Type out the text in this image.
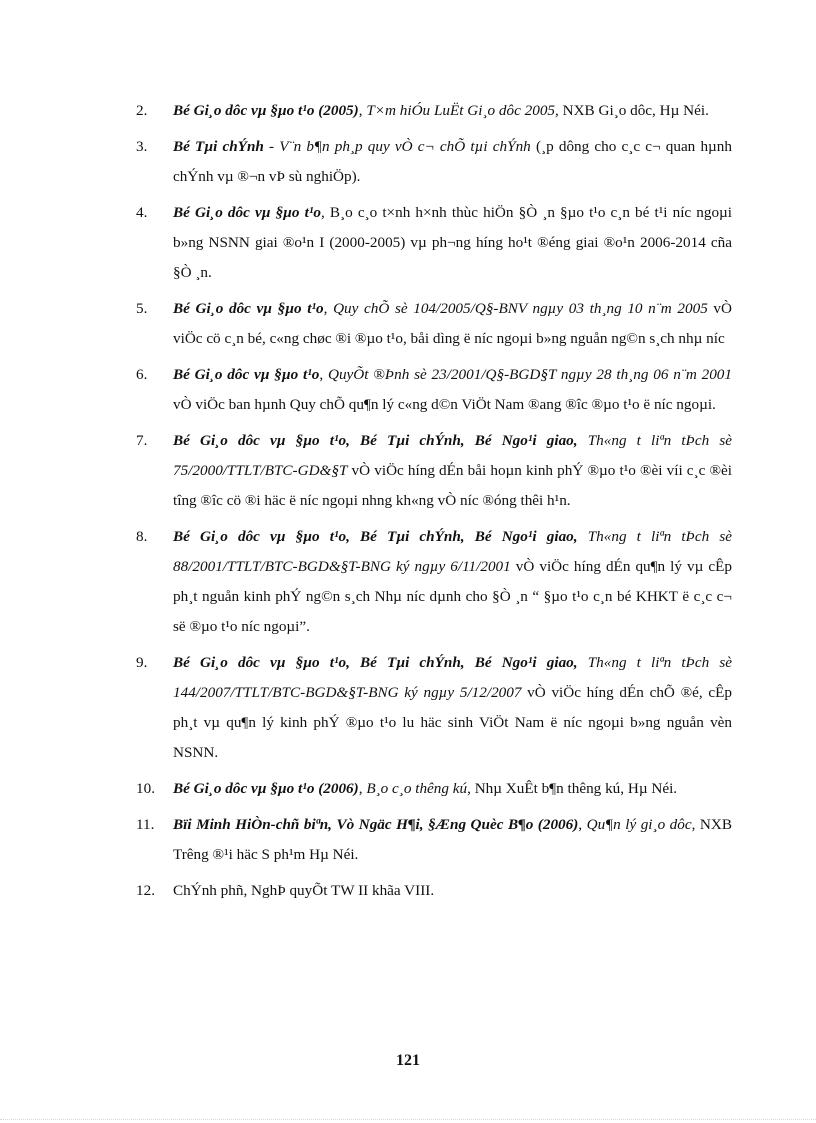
2.	Bé Gi¸o dôc vµ §µo t¹o (2005), T×m hiÓu LuËt Gi¸o dôc 2005, NXB Gi¸o dôc, Hµ Néi.
3.	Bé Tµi chÝnh - V¨n b¶n ph¸p quy vÒ c¬ chÕ tµi chÝnh (¸p dông cho c¸c c¬ quan hµnh chÝnh vµ ®¬n vÞ sù nghiÖp).
4.	Bé Gi¸o dôc vµ §µo t¹o, B¸o c¸o t×nh h×nh thùc hiÖn §Ò ¸n §µo t¹o c¸n bé t¹i níc ngoµi b»ng NSNN giai ®o¹n I (2000-2005) vµ ph¬ng híng ho¹t ®éng giai ®o¹n 2006-2014 cña §Ò ¸n.
5.	Bé Gi¸o dôc vµ §µo t¹o, Quy chÕ sè 104/2005/Q§-BNV ngµy 03 th¸ng 10 n¨m 2005 vÒ viÖc cö c¸n bé, c«ng chøc ®i ®µo t¹o, båi dìng ë níc ngoµi b»ng nguån ng©n s¸ch nhµ níc
6.	Bé Gi¸o dôc vµ §µo t¹o, QuyÕt ®Þnh sè 23/2001/Q§-BGD§T ngµy 28 th¸ng 06 n¨m 2001 vÒ viÖc ban hµnh Quy chÕ qu¶n lý c«ng d©n ViÖt Nam ®ang ®îc ®µo t¹o ë níc ngoµi.
7.	Bé Gi¸o dôc vµ §µo t¹o, Bé Tµi chÝnh, Bé Ngo¹i giao, Th«ng t liªn tÞch sè 75/2000/TTLT/BTC-GD&§T vÒ viÖc híng dÉn båi hoµn kinh phÝ ®µo t¹o ®èi víi c¸c ®èi tîng ®îc cö ®i häc ë níc ngoµi nhng kh«ng vÒ níc ®óng thêi h¹n.
8.	Bé Gi¸o dôc vµ §µo t¹o, Bé Tµi chÝnh, Bé Ngo¹i giao, Th«ng t liªn tÞch sè 88/2001/TTLT/BTC-BGD&§T-BNG ký ngµy 6/11/2001 vÒ viÖc híng dÉn qu¶n lý vµ cÊp ph¸t nguån kinh phÝ ng©n s¸ch Nhµ níc dµnh cho §Ò ¸n “ §µo t¹o c¸n bé KHKT ë c¸c c¬ së ®µo t¹o níc ngoµi”.
9.	Bé Gi¸o dôc vµ §µo t¹o, Bé Tµi chÝnh, Bé Ngo¹i giao, Th«ng t liªn tÞch sè 144/2007/TTLT/BTC-BGD&§T-BNG ký ngµy 5/12/2007 vÒ viÖc híng dÉn chÕ ®é, cÊp ph¸t vµ qu¶n lý kinh phÝ ®µo t¹o lu häc sinh ViÖt Nam ë níc ngoµi b»ng nguån vèn NSNN.
10.	Bé Gi¸o dôc vµ §µo t¹o (2006), B¸o c¸o thêng kú, Nhµ XuÊt b¶n thêng kú, Hµ Néi.
11.	Bïi Minh HiÒn-chñ biªn, Vò Ngäc H¶i, §Æng Quèc B¶o (2006), Qu¶n lý gi¸o dôc, NXB Trêng ®¹i häc S ph¹m Hµ Néi.
12.	ChÝnh phñ, NghÞ quyÕt TW II khãa VIII.
121
